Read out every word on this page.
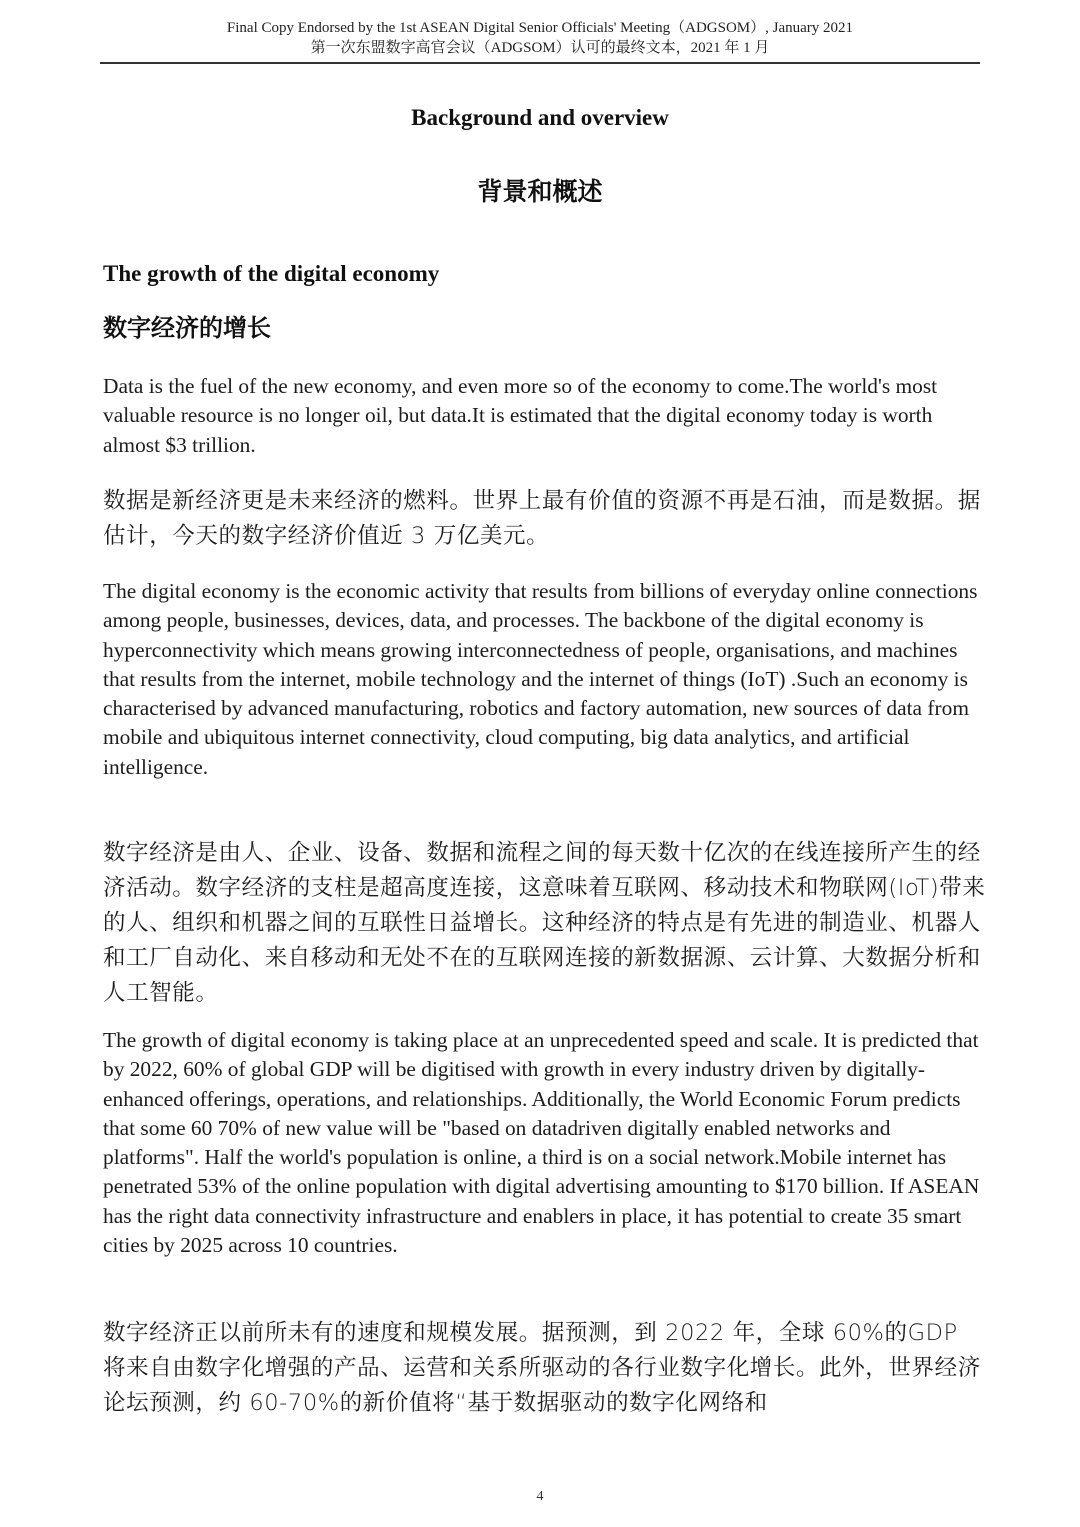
Final Copy Endorsed by the 1st ASEAN Digital Senior Officials' Meeting（ADGSOM）, January 2021
第一次东盟数字高官会议（ADGSOM）认可的最终文本，2021 年 1 月
Background and overview
背景和概述
The growth of the digital economy
数字经济的增长

Data is the fuel of the new economy, and even more so of the economy to come.The world's most valuable resource is no longer oil, but data.It is estimated that the digital economy today is worth almost $3 trillion.

数据是新经济更是未来经济的燃料。世界上最有价值的资源不再是石油，而是数据。据估计，今天的数字经济价值近 3 万亿美元。

The digital economy is the economic activity that results from billions of everyday online connections among people, businesses, devices, data, and processes. The backbone of the digital economy is hyperconnectivity which means growing interconnectedness of people, organisations, and machines that results from the internet, mobile technology and the internet of things (IoT) .Such an economy is characterised by advanced manufacturing, robotics and factory automation, new sources of data from mobile and ubiquitous internet connectivity, cloud computing, big data analytics, and artificial intelligence.

数字经济是由人、企业、设备、数据和流程之间的每天数十亿次的在线连接所产生的经济活动。数字经济的支柱是超高度连接，这意味着互联网、移动技术和物联网(IoT)带来的人、组织和机器之间的互联性日益增长。这种经济的特点是有先进的制造业、机器人和工厂自动化、来自移动和无处不在的互联网连接的新数据源、云计算、大数据分析和人工智能。

The growth of digital economy is taking place at an unprecedented speed and scale. It is predicted that by 2022, 60% of global GDP will be digitised with growth in every industry driven by digitally-enhanced offerings, operations, and relationships. Additionally, the World Economic Forum predicts that some 60 70% of new value will be "based on datadriven digitally enabled networks and platforms". Half the world's population is online, a third is on a social network.Mobile internet has penetrated 53% of the online population with digital advertising amounting to $170 billion. If ASEAN has the right data connectivity infrastructure and enablers in place, it has potential to create 35 smart cities by 2025 across 10 countries.

数字经济正以前所未有的速度和规模发展。据预测，到 2022 年，全球 60%的GDP 将来自由数字化增强的产品、运营和关系所驱动的各行业数字化增长。此外，世界经济论坛预测，约 60-70%的新价值将“基于数据驱动的数字化网络和

4
